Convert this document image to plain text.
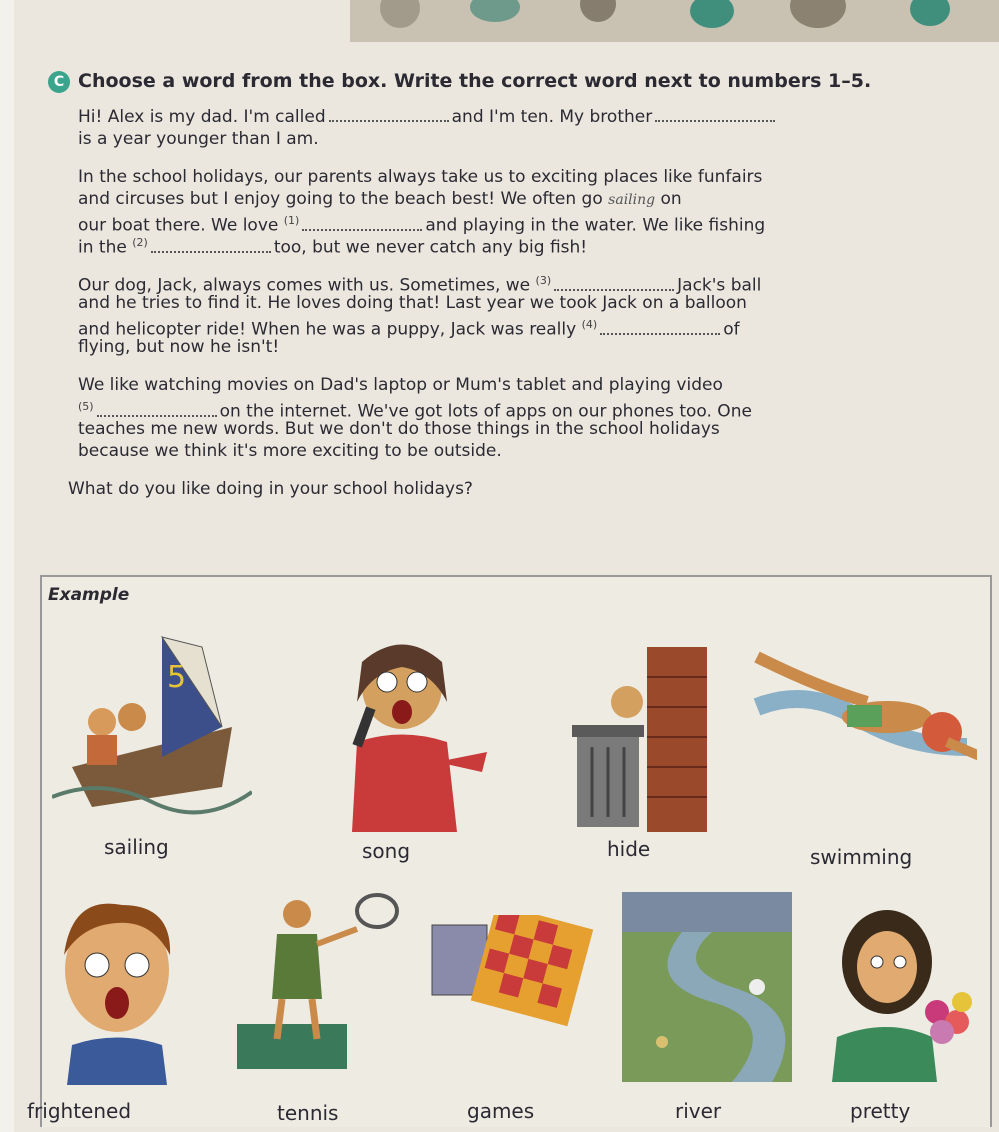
C Choose a word from the box. Write the correct word next to numbers 1–5.
Hi! Alex is my dad. I'm called	and I'm ten. My brother
is a year younger than I am.
In the school holidays, our parents always take us to exciting places like funfairs
and circuses but I enjoy going to the beach best! We often go sailing on
our boat there. We love $^{(1)}$	and playing in the water. We like fishing
in the $^{(2)}$	too, but we never catch any big fish!
Our dog, Jack, always comes with us. Sometimes, we $^{(3)}$	Jack's ball
and he tries to find it. He loves doing that! Last year we took Jack on a balloon
and helicopter ride! When he was a puppy, Jack was really $^{(4)}$	of
flying, but now he isn't!
We like watching movies on Dad's laptop or Mum's tablet and playing video
$^{(5)}$	on the internet. We've got lots of apps on our phones too. One
teaches me new words. But we don't do those things in the school holidays
because we think it's more exciting to be outside.
What do you like doing in your school holidays?
Example
5
sailing	song	hide	swimming
frightened	tennis	games	river	pretty
